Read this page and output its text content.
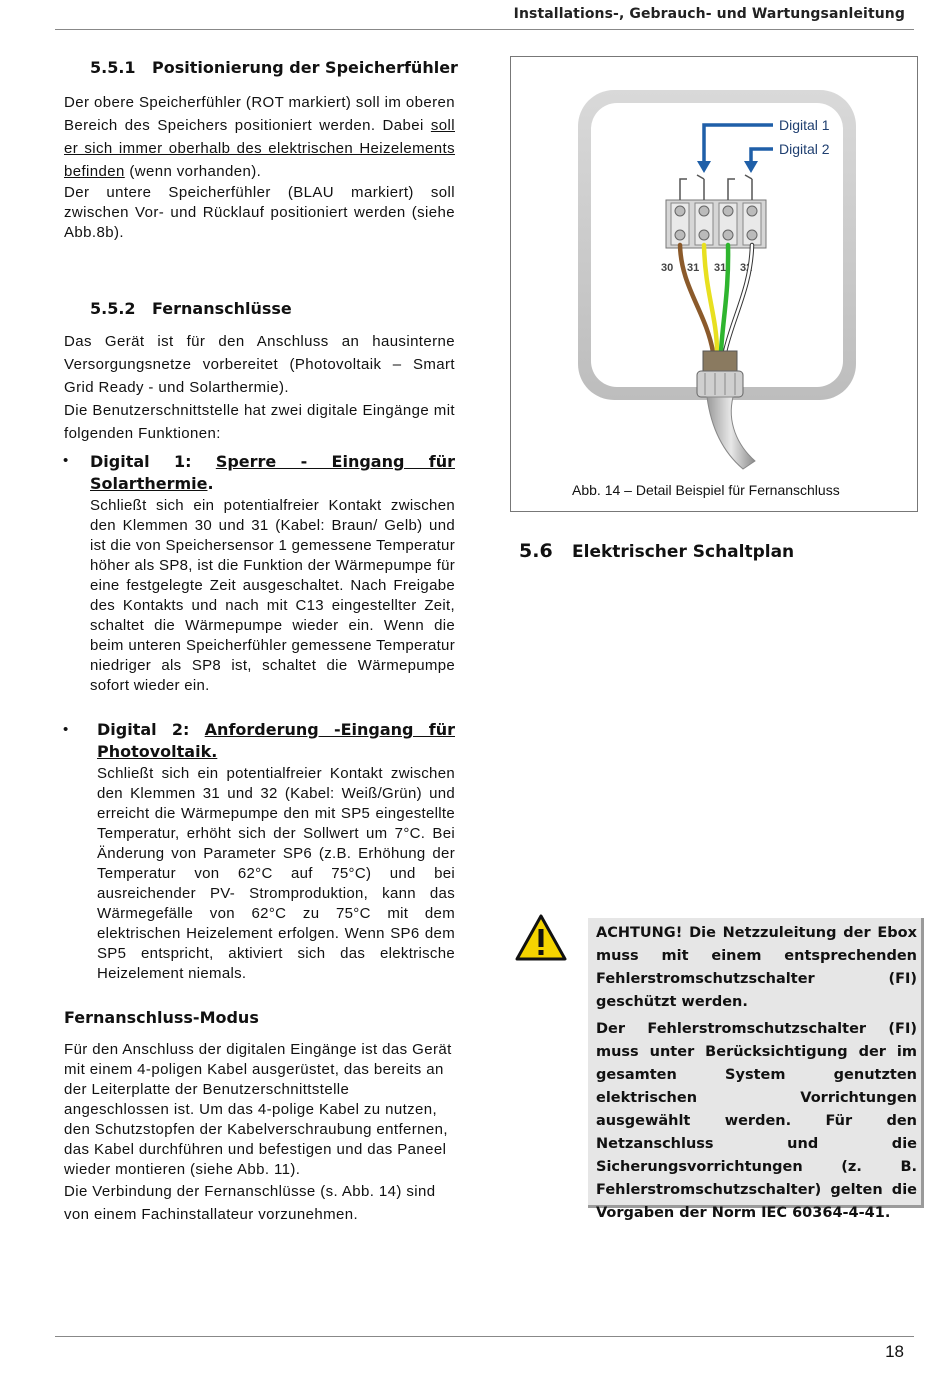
Installations-, Gebrauch- und Wartungsanleitung
18
5.5.1 Positionierung der Speicherfühler

Der obere Speicherfühler (ROT markiert) soll im oberen Bereich des Speichers positioniert werden. Dabei soll er sich immer oberhalb des elektrischen Heizelements befinden (wenn vorhanden).

Der untere Speicherfühler (BLAU markiert) soll zwischen Vor- und Rücklauf positioniert werden (siehe Abb.8b).

5.5.2 Fernanschlüsse

Das Gerät ist für den Anschluss an hausinterne Versorgungsnetze vorbereitet (Photovoltaik – Smart Grid Ready - und Solarthermie).

Die Benutzerschnittstelle hat zwei digitale Eingänge mit folgenden Funktionen:

• Digital 1: Sperre - Eingang für Solarthermie.
Schließt sich ein potentialfreier Kontakt zwischen den Klemmen 30 und 31 (Kabel: Braun/ Gelb) und ist die von Speichersensor 1 gemessene Temperatur höher als SP8, ist die Funktion der Wärmepumpe für eine festgelegte Zeit ausgeschaltet. Nach Freigabe des Kontakts und nach mit C13 eingestellter Zeit, schaltet die Wärmepumpe wieder ein. Wenn die beim unteren Speicherfühler gemessene Temperatur niedriger als SP8 ist, schaltet die Wärmepumpe sofort wieder ein.
• Digital 2: Anforderung -Eingang für Photovoltaik.
Schließt sich ein potentialfreier Kontakt zwischen den Klemmen 31 und 32 (Kabel: Weiß/Grün) und erreicht die Wärmepumpe den mit SP5 eingestellte Temperatur, erhöht sich der Sollwert um 7°C. Bei Änderung von Parameter SP6 (z.B. Erhöhung der Temperatur von 62°C auf 75°C) und bei ausreichender PV- Stromproduktion, kann das Wärmegefälle von 62°C zu 75°C mit dem elektrischen Heizelement erfolgen. Wenn SP6 dem SP5 entspricht, aktiviert sich das elektrische Heizelement niemals.
Fernanschluss-Modus

Für den Anschluss der digitalen Eingänge ist das Gerät mit einem 4-poligen Kabel ausgerüstet, das bereits an der Leiterplatte der Benutzerschnittstelle angeschlossen ist. Um das 4-polige Kabel zu nutzen, den Schutzstopfen der Kabelverschraubung entfernen, das Kabel durchführen und befestigen und das Paneel wieder montieren (siehe Abb. 11).

Die Verbindung der Fernanschlüsse (s. Abb. 14) sind von einem Fachinstallateur vorzunehmen.

30 31 31 32
Digital 1
Digital 2
Abb. 14 – Detail Beispiel für Fernanschluss
5.6 Elektrischer Schaltplan

ACHTUNG! Die Netzzuleitung der Ebox muss mit einem entsprechenden Fehlerstromschutzschalter (FI) geschützt werden.

Der Fehlerstromschutzschalter (FI) muss unter Berücksichtigung der im gesamten System genutzten elektrischen Vorrichtungen ausgewählt werden. Für den Netzanschluss und die Sicherungsvorrichtungen (z. B. Fehlerstromschutzschalter) gelten die Vorgaben der Norm IEC 60364-4-41.
